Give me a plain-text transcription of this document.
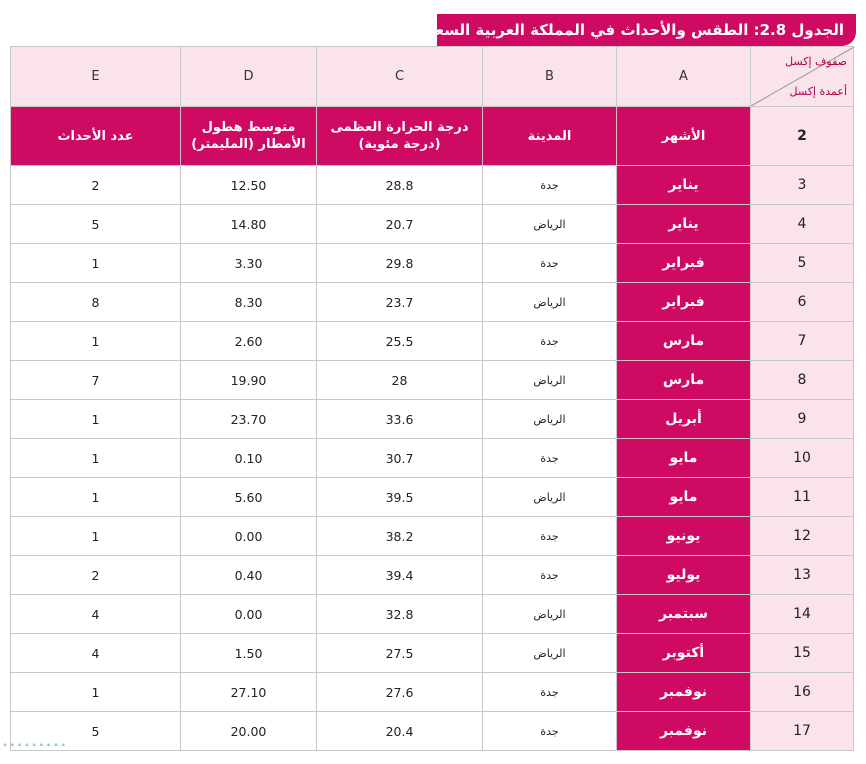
الجدول 2.8: الطقس والأحداث في المملكة العربية السعودية
صفوف إكسل
أعمدة إكسل	A	B	C	D	E
2	الأشهر	المدينة	درجة الحرارة العظمى (درجة مئوية)	متوسط هطول الأمطار (المليمتر)	عدد الأحداث
3	يناير	جدة	28.8	12.50	2
4	يناير	الرياض	20.7	14.80	5
5	فبراير	جدة	29.8	3.30	1
6	فبراير	الرياض	23.7	8.30	8
7	مارس	جدة	25.5	2.60	1
8	مارس	الرياض	28	19.90	7
9	أبريل	الرياض	33.6	23.70	1
10	مايو	جدة	30.7	0.10	1
11	مايو	الرياض	39.5	5.60	1
12	يونيو	جدة	38.2	0.00	1
13	يوليو	جدة	39.4	0.40	2
14	سبتمبر	الرياض	32.8	0.00	4
15	أكتوبر	الرياض	27.5	1.50	4
16	نوفمبر	جدة	27.6	27.10	1
17	نوفمبر	جدة	20.4	20.00	5
∙∙∙∙∙∙∙∙∙
